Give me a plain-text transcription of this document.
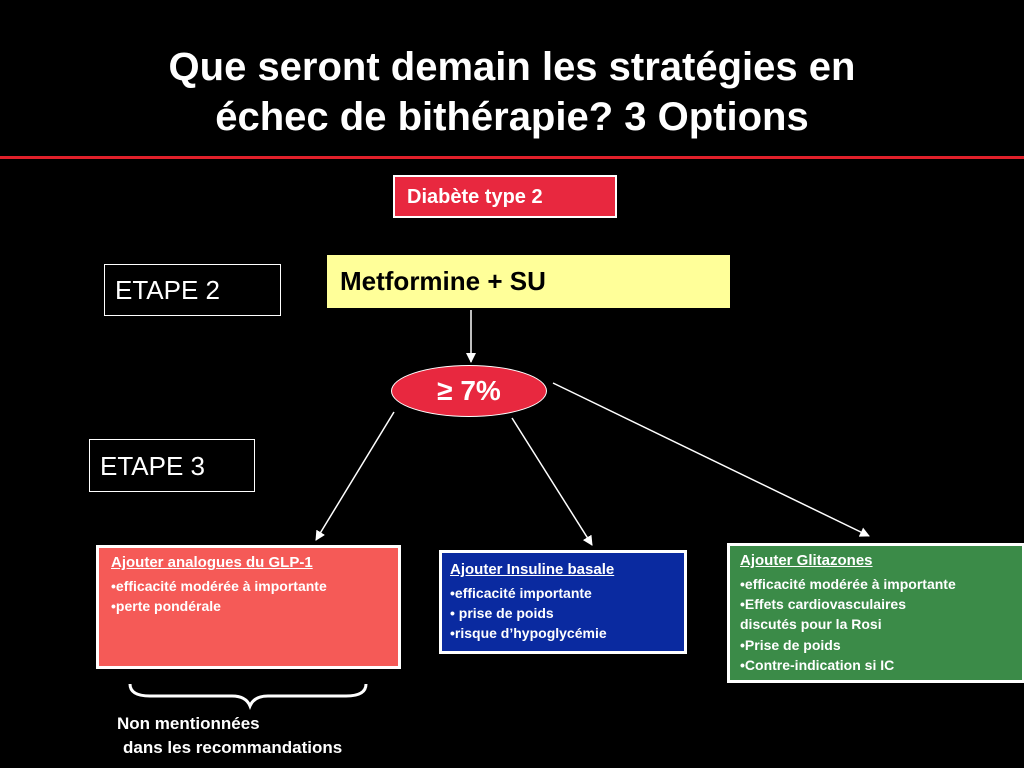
Que seront demain les stratégies en
échec de bithérapie? 3 Options
Diabète type 2
ETAPE 2	Metformine + SU
≥ 7%
ETAPE 3
Ajouter analogues du GLP-1
• efficacité modérée à importante
• perte pondérale
Ajouter Insuline basale
• efficacité importante
• prise de poids
• risque d’hypoglycémie
Ajouter Glitazones
• efficacité modérée à importante
• Effets cardiovasculaires
discutés pour la Rosi
• Prise de poids
• Contre-indication si IC
Non mentionnées
dans les recommandations
